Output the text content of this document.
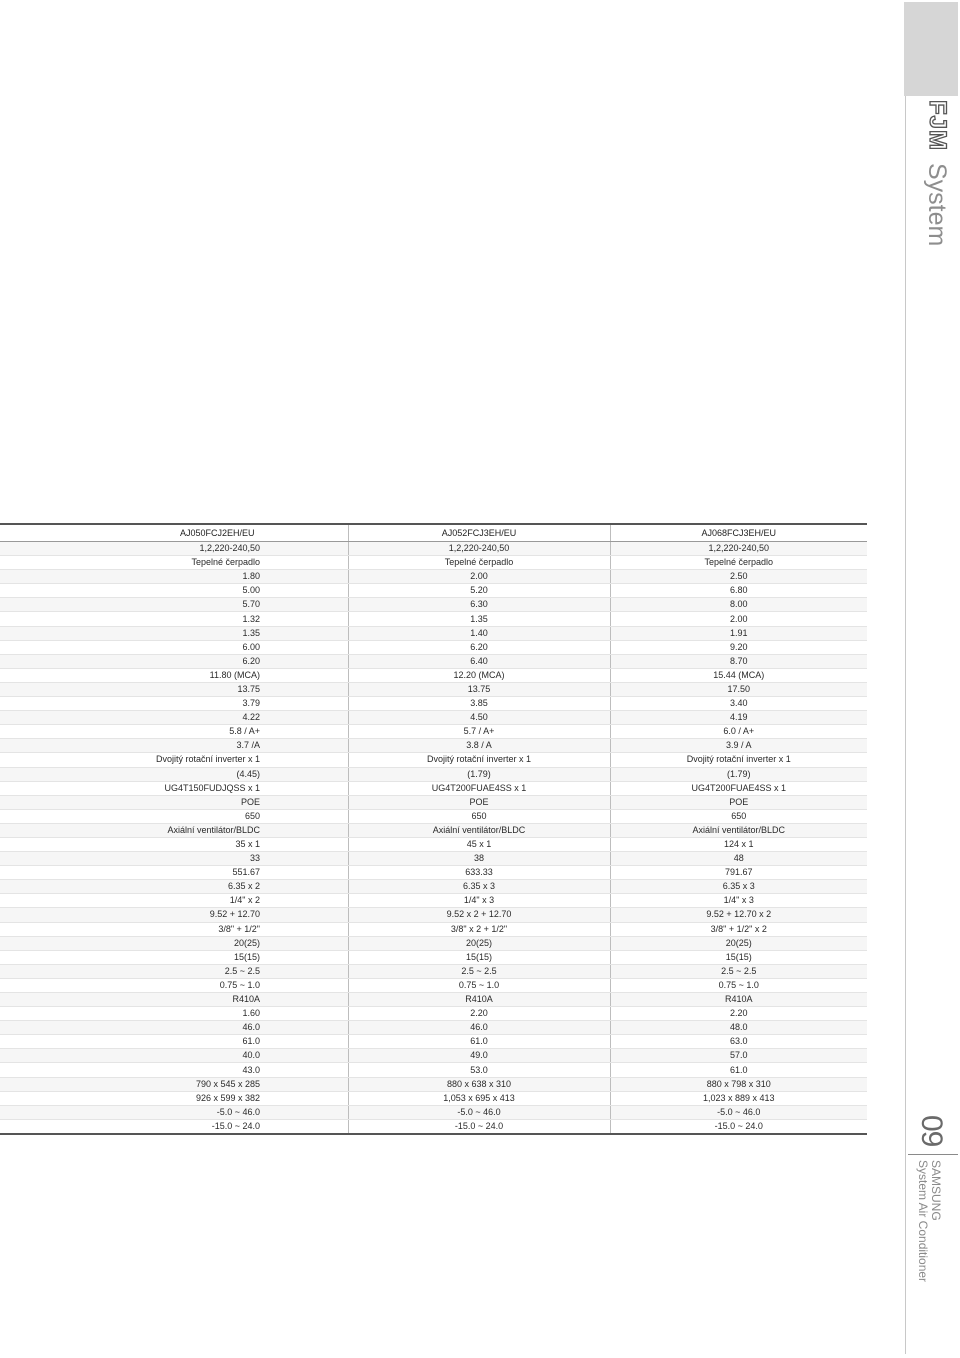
AJ050FCJ2EH/EU	AJ052FCJ3EH/EU	AJ068FCJ3EH/EU
1,2,220-240,50	1,2,220-240,50	1,2,220-240,50
Tepelné čerpadlo	Tepelné čerpadlo	Tepelné čerpadlo
1.80	2.00	2.50
5.00	5.20	6.80
5.70	6.30	8.00
1.32	1.35	2.00
1.35	1.40	1.91
6.00	6.20	9.20
6.20	6.40	8.70
11.80 (MCA)	12.20 (MCA)	15.44 (MCA)
13.75	13.75	17.50
3.79	3.85	3.40
4.22	4.50	4.19
5.8 / A+	5.7 / A+	6.0 / A+
3.7 /A	3.8 / A	3.9 / A
Dvojitý rotační inverter x 1	Dvojitý rotační inverter x 1	Dvojitý rotační inverter x 1
(4.45)	(1.79)	(1.79)
UG4T150FUDJQSS x 1	UG4T200FUAE4SS x 1	UG4T200FUAE4SS x 1
POE	POE	POE
650	650	650
Axiální ventilátor/BLDC	Axiální ventilátor/BLDC	Axiální ventilátor/BLDC
35 x 1	45 x 1	124 x 1
33	38	48
551.67	633.33	791.67
6.35 x 2	6.35 x 3	6.35 x 3
1/4" x 2	1/4" x 3	1/4" x 3
9.52 + 12.70	9.52 x 2 + 12.70	9.52 + 12.70 x 2
3/8" + 1/2"	3/8" x 2 + 1/2"	3/8" + 1/2" x 2
20(25)	20(25)	20(25)
15(15)	15(15)	15(15)
2.5 ~ 2.5	2.5 ~ 2.5	2.5 ~ 2.5
0.75 ~ 1.0	0.75 ~ 1.0	0.75 ~ 1.0
R410A	R410A	R410A
1.60	2.20	2.20
46.0	46.0	48.0
61.0	61.0	63.0
40.0	49.0	57.0
43.0	53.0	61.0
790 x 545 x 285	880 x 638 x 310	880 x 798 x 310
926 x 599 x 382	1,053 x 695 x 413	1,023 x 889 x 413
-5.0 ~ 46.0	-5.0 ~ 46.0	-5.0 ~ 46.0
-15.0 ~ 24.0	-15.0 ~ 24.0	-15.0 ~ 24.0
FJM System
09
SAMSUNG
System Air Conditioner
